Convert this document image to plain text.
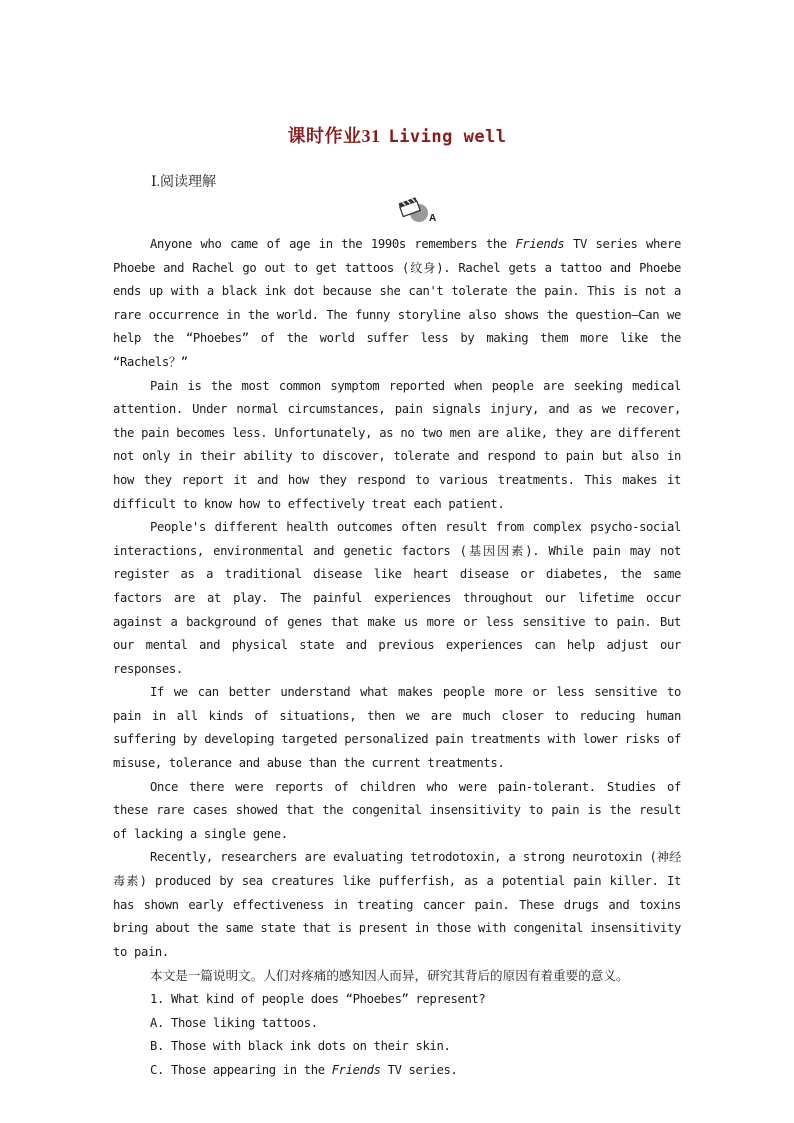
课时作业31 Living well
Ⅰ.阅读理解
A

Anyone who came of age in the 1990s remembers the Friends TV series where Phoebe and Rachel go out to get tattoos (纹身). Rachel gets a tattoo and Phoebe ends up with a black ink dot because she can't tolerate the pain. This is not a rare occurrence in the world. The funny storyline also shows the question—Can we help the “Phoebes” of the world suffer less by making them more like the “Rachels？”

Pain is the most common symptom reported when people are seeking medical attention. Under normal circumstances, pain signals injury, and as we recover, the pain becomes less. Unfortunately, as no two men are alike, they are different not only in their ability to discover, tolerate and respond to pain but also in how they report it and how they respond to various treatments. This makes it difficult to know how to effectively treat each patient.

People's different health outcomes often result from complex psycho-social interactions, environmental and genetic factors (基因因素). While pain may not register as a traditional disease like heart disease or diabetes, the same factors are at play. The painful experiences throughout our lifetime occur against a background of genes that make us more or less sensitive to pain. But our mental and physical state and previous experiences can help adjust our responses.

If we can better understand what makes people more or less sensitive to pain in all kinds of situations, then we are much closer to reducing human suffering by developing targeted personalized pain treatments with lower risks of misuse, tolerance and abuse than the current treatments.

Once there were reports of children who were pain-tolerant. Studies of these rare cases showed that the congenital insensitivity to pain is the result of lacking a single gene.

Recently, researchers are evaluating tetrodotoxin, a strong neurotoxin (神经毒素) produced by sea creatures like pufferfish, as a potential pain killer. It has shown early effectiveness in treating cancer pain. These drugs and toxins bring about the same state that is present in those with congenital insensitivity to pain.

本文是一篇说明文。人们对疼痛的感知因人而异，研究其背后的原因有着重要的意义。

1. What kind of people does “Phoebes” represent?

A. Those liking tattoos.

B. Those with black ink dots on their skin.

C. Those appearing in the Friends TV series.
